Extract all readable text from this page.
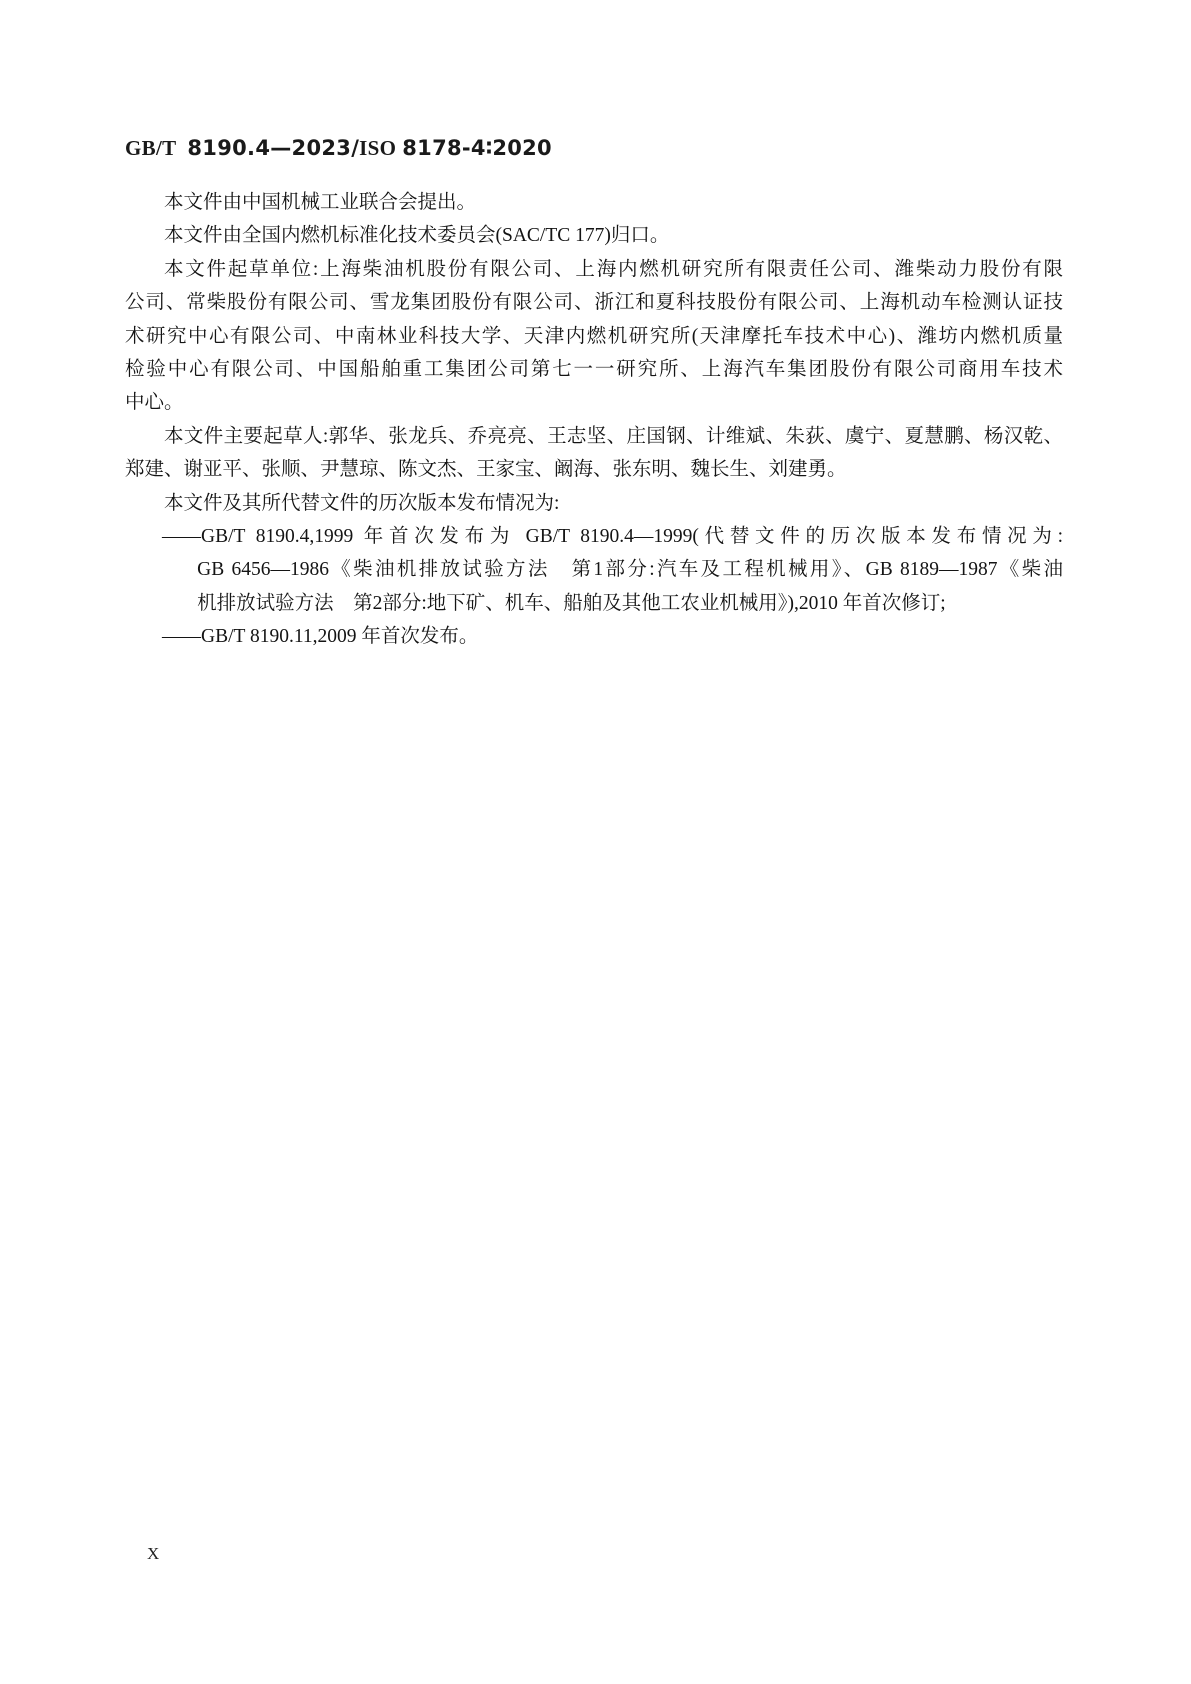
GB/T 8190.4—2023/ISO 8178-4∶2020
本文件由中国机械工业联合会提出。
本文件由全国内燃机标准化技术委员会(SAC/TC 177)归口。
本文件起草单位:上海柴油机股份有限公司、上海内燃机研究所有限责任公司、潍柴动力股份有限
公司、常柴股份有限公司、雪龙集团股份有限公司、浙江和夏科技股份有限公司、上海机动车检测认证技
术研究中心有限公司、中南林业科技大学、天津内燃机研究所(天津摩托车技术中心)、潍坊内燃机质量
检验中心有限公司、中国船舶重工集团公司第七一一研究所、上海汽车集团股份有限公司商用车技术
中心。
本文件主要起草人:郭华、张龙兵、乔亮亮、王志坚、庄国钢、计维斌、朱荻、虞宁、夏慧鹏、杨汉乾、
郑建、谢亚平、张顺、尹慧琼、陈文杰、王家宝、阚海、张东明、魏长生、刘建勇。
本文件及其所代替文件的历次版本发布情况为:
——GB/T 8190.4,1999 年首次发布为 GB/T 8190.4—1999(代替文件的历次版本发布情况为:
GB 6456—1986《柴油机排放试验方法 第1部分:汽车及工程机械用》、GB 8189—1987《柴油
机排放试验方法 第2部分:地下矿、机车、船舶及其他工农业机械用》),2010 年首次修订;
——GB/T 8190.11,2009 年首次发布。
X
